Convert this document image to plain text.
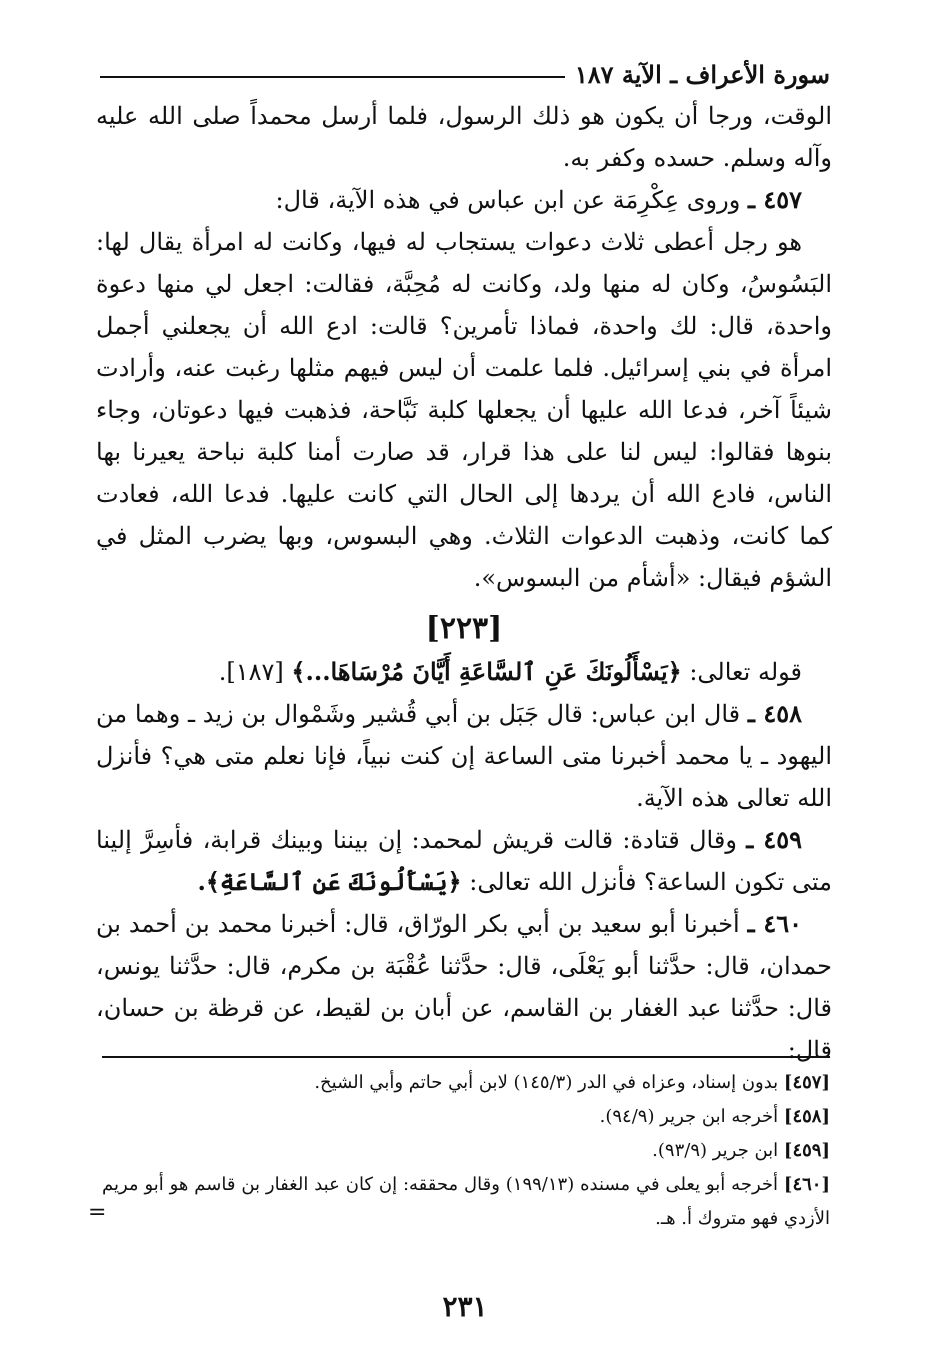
سورة الأعراف ـ الآية ١٨٧

الوقت، ورجا أن يكون هو ذلك الرسول، فلما أرسل محمداً صلى الله عليه وآله وسلم. حسده وكفر به.

٤٥٧ ـ وروى عِكْرِمَة عن ابن عباس في هذه الآية، قال:

هو رجل أعطى ثلاث دعوات يستجاب له فيها، وكانت له امرأة يقال لها: البَسُوسُ، وكان له منها ولد، وكانت له مُحِبَّة، فقالت: اجعل لي منها دعوة واحدة، قال: لك واحدة، فماذا تأمرين؟ قالت: ادع الله أن يجعلني أجمل امرأة في بني إسرائيل. فلما علمت أن ليس فيهم مثلها رغبت عنه، وأرادت شيئاً آخر، فدعا الله عليها أن يجعلها كلبة نَبَّاحة، فذهبت فيها دعوتان، وجاء بنوها فقالوا: ليس لنا على هذا قرار، قد صارت أمنا كلبة نباحة يعيرنا بها الناس، فادع الله أن يردها إلى الحال التي كانت عليها. فدعا الله، فعادت كما كانت، وذهبت الدعوات الثلاث. وهي البسوس، وبها يضرب المثل في الشؤم فيقال: «أشأم من البسوس».

[٢٢٣]

قوله تعالى: ﴿يَسْأَلُونَكَ عَنِ ٱلسَّاعَةِ أَيَّانَ مُرْسَاهَا...﴾ [١٨٧].

٤٥٨ ـ قال ابن عباس: قال جَبَل بن أبي قُشير وشَمْوال بن زيد ـ وهما من اليهود ـ يا محمد أخبرنا متى الساعة إن كنت نبياً، فإنا نعلم متى هي؟ فأنزل الله تعالى هذه الآية.

٤٥٩ ـ وقال قتادة: قالت قريش لمحمد: إن بيننا وبينك قرابة، فأسِرَّ إلينا متى تكون الساعة؟ فأنزل الله تعالى: ﴿يَسْأَلُونَكَ عَنِ ٱلسَّاعَةِ﴾.

٤٦٠ ـ أخبرنا أبو سعيد بن أبي بكر الورّاق، قال: أخبرنا محمد بن أحمد بن حمدان، قال: حدَّثنا أبو يَعْلَى، قال: حدَّثنا عُقْبَة بن مكرم، قال: حدَّثنا يونس، قال: حدَّثنا عبد الغفار بن القاسم، عن أبان بن لقيط، عن قرظة بن حسان، قال:

[٤٥٧] بدون إسناد، وعزاه في الدر (١٤٥/٣) لابن أبي حاتم وأبي الشيخ.

[٤٥٨] أخرجه ابن جرير (٩٤/٩).

[٤٥٩] ابن جرير (٩٣/٩).

[٤٦٠] أخرجه أبو يعلى في مسنده (١٩٩/١٣) وقال محققه: إن كان عبد الغفار بن قاسم هو أبو مريم الأزدي فهو متروك أ. هـ.

=
٢٣١
